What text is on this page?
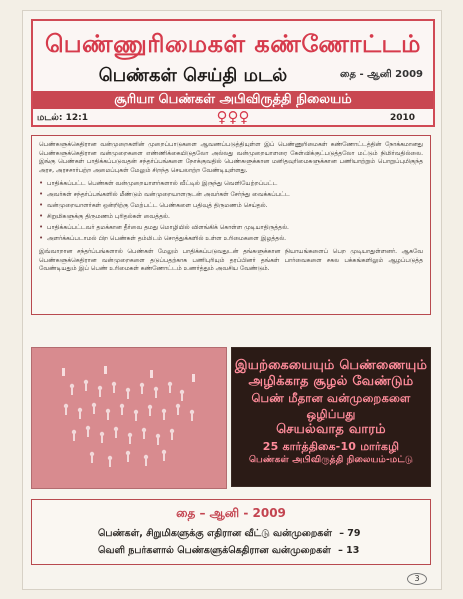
பெண்ணுரிமைகள் கண்ணோட்டம்
பெண்கள் செய்தி மடல்	தை - ஆனி 2009
சூரியா பெண்கள் அபிவிருத்தி நிலையம்
மடல்: 12:1	♀♀♀	2010

பெண்களுக்கெதிரான வன்முறைகளின் முறைப்பாடுகளை ஆவணப்படுத்தியுள்ள இப் பெண்ணுரிமைகள் கண்ணோட்டத்தின் நோக்கமானது பெண்களுக்கெதிரான வன்முறைகளை எண்ணிக்கையிடுதலோ அல்லது வன்முறையாளரை கேள்விக்குட்படுத்தலோ மட்டும் நிமிர்வதில்லை. இங்கு பெண்கள் பாதிக்கப்படுவதன் சந்தர்ப்பங்களை நோக்குவதில் பெண்களுக்கான மனிதவுரிமைகளுக்கான பணியாற்றும் பொறுப்புமிகுந்த அரச, அரசசார்பற்ற அமைப்புகள் மேலும் சிறந்த செயலாற்ற வேண்டியுள்ளது.

• பாதிக்கப்பட்ட பெண்கள் வன்முறையாளர்களால் வீட்டில் இருந்து வெளியேற்றப்பட்ட
• அவர்கள் சந்தர்ப்பங்களில் மீண்டும் வன்முறையாளருடன் அவர்கள் சேர்ந்து வைக்கப்பட்ட
• வன்முறையாளர்கள் ஒன்றிற்கு மேற்பட்ட பெண்களை பதிவுத் திருமணம் செய்தல்.
• சிறுமிகளுக்கு திருமணம் புரிதல்கள் வைத்தல்.
• பாதிக்கப்பட்டவர் தமக்கான தீர்வை தமது மொழியில் விளங்கிக் கொள்ள முடியாதிருத்தல்.
• அளர்க்கப்படாமல் பிற பெண்கள் தம்மிடம் சொத்துக்களில் உள்ள உரிமைகளை இழத்தல்.

இவ்வாறான சந்தர்ப்பங்களால் பெண்கள் மேலும் பாதிக்கப்படுவதுடன் தங்களுக்கான நியாயங்களைப் பெற முடியாதுள்ளனர். ஆகவே பெண்களுக்கெதிரான வன்முறைகளை தடுப்பதற்காக பணிபுரியும் தரப்பினர் தங்கள் பார்வைகளை சகல பக்கங்களிலும் ஆழப்படுத்த வேண்டியதும் இப் பெண் உரிமைகள் கண்ணோட்டம் உணர்த்தும் அவசிய வேண்டும்.

இயற்கையையும் பெண்ணையும்
அழிக்காத சூழல் வேண்டும்
பெண் மீதான வன்முறைகளை ஒழிப்பது
செயல்வாத வாரம்
25 கார்த்திகை-10 மார்கழி
பெண்கள் அபிவிருத்தி நிலையம்-மட்டு
தை – ஆனி - 2009
பெண்கள், சிறுமிகளுக்கு எதிரான வீட்டு வன்முறைகள் – 79
வெளி நபர்களால் பெண்களுக்கெதிரான வன்முறைகள் – 13
3
